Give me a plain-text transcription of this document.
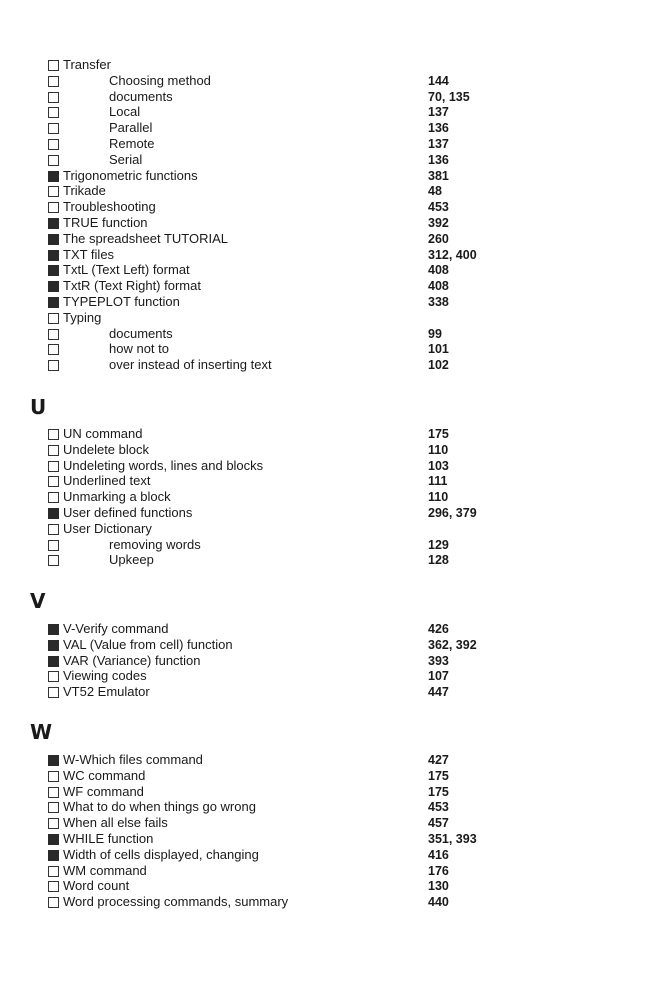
Transfer
Choosing method	144
documents	70, 135
Local	137
Parallel	136
Remote	137
Serial	136
Trigonometric functions	381
Trikade	48
Troubleshooting	453
TRUE function	392
The spreadsheet TUTORIAL	260
TXT files	312, 400
TxtL (Text Left) format	408
TxtR (Text Right) format	408
TYPEPLOT function	338
Typing
documents	99
how not to	101
over instead of inserting text	102
U
UN command	175
Undelete block	110
Undeleting words, lines and blocks	103
Underlined text	111
Unmarking a block	110
User defined functions	296, 379
User Dictionary
removing words	129
Upkeep	128
V
V-Verify command	426
VAL (Value from cell) function	362, 392
VAR (Variance) function	393
Viewing codes	107
VT52 Emulator	447
W
W-Which files command	427
WC command	175
WF command	175
What to do when things go wrong	453
When all else fails	457
WHILE function	351, 393
Width of cells displayed, changing	416
WM command	176
Word count	130
Word processing commands, summary	440
